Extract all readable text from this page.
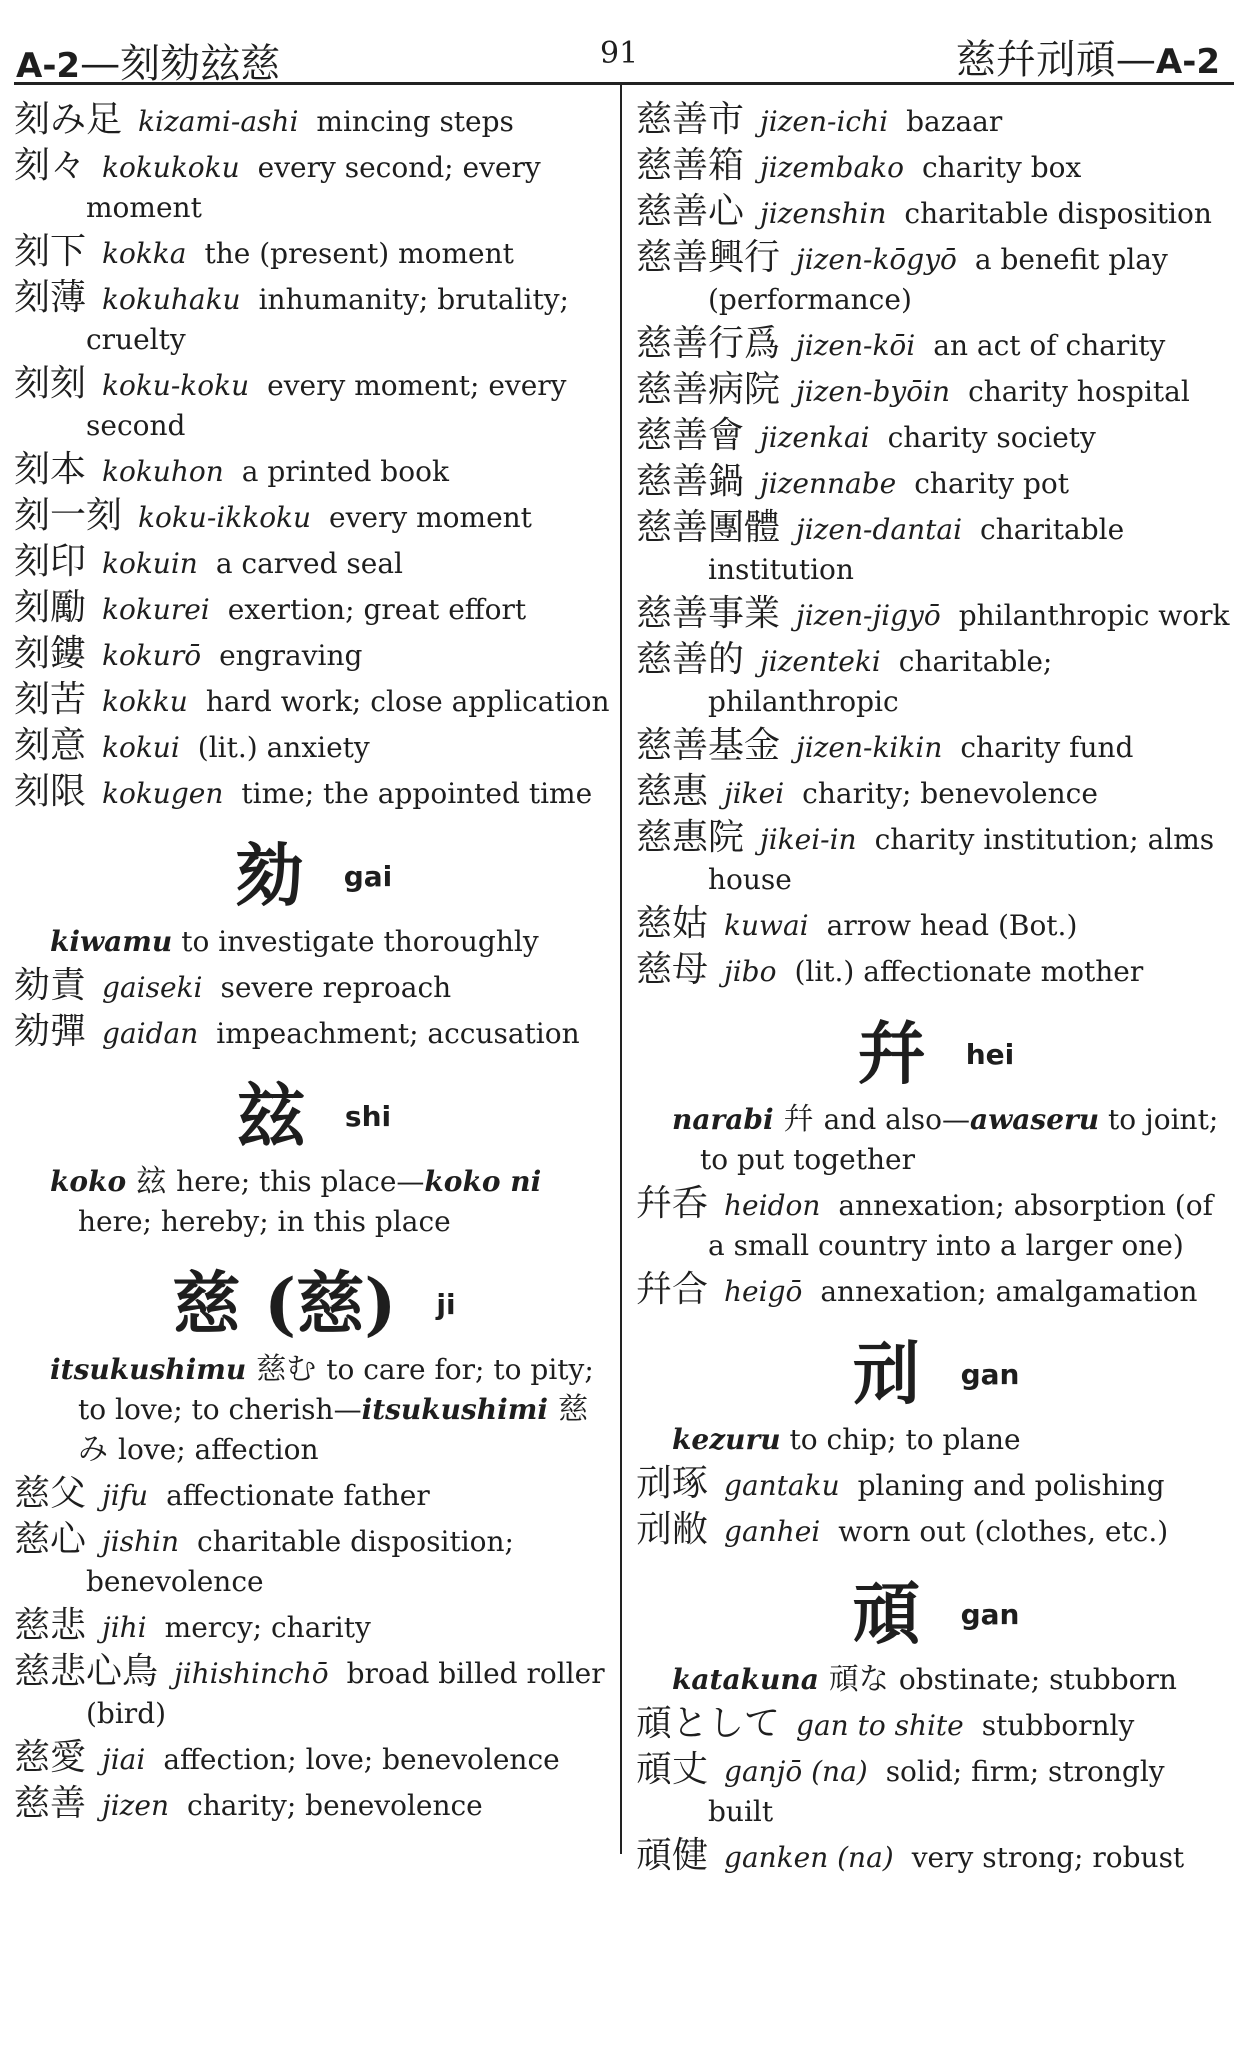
A-2—刻劾玆慈	91	慈幷刓頑—A-2
刻み足 kizami-ashi mincing steps
刻々 kokukoku every second; every moment
刻下 kokka the (present) moment
刻薄 kokuhaku inhumanity; brutality; cruelty
刻刻 koku-koku every moment; every second
刻本 kokuhon a printed book
刻一刻 koku-ikkoku every moment
刻印 kokuin a carved seal
刻勵 kokurei exertion; great effort
刻鏤 kokurō engraving
刻苦 kokku hard work; close application
刻意 kokui (lit.) anxiety
刻限 kokugen time; the appointed time
劾 gai
kiwamu to investigate thoroughly
劾責 gaiseki severe reproach
劾彈 gaidan impeachment; accusation
玆 shi
koko 玆 here; this place—koko ni here; hereby; in this place
慈 (慈) ji
itsukushimu 慈む to care for; to pity; to love; to cherish—itsukushimi 慈み love; affection
慈父 jifu affectionate father
慈心 jishin charitable disposition; benevolence
慈悲 jihi mercy; charity
慈悲心鳥 jihishinchō broad billed roller (bird)
慈愛 jiai affection; love; benevolence
慈善 jizen charity; benevolence
慈善市 jizen-ichi bazaar
慈善箱 jizembako charity box
慈善心 jizenshin charitable disposition
慈善興行 jizen-kōgyō a benefit play (performance)
慈善行爲 jizen-kōi an act of charity
慈善病院 jizen-byōin charity hospital
慈善會 jizenkai charity society
慈善鍋 jizennabe charity pot
慈善團體 jizen-dantai charitable institution
慈善事業 jizen-jigyō philanthropic work
慈善的 jizenteki charitable; philanthropic
慈善基金 jizen-kikin charity fund
慈惠 jikei charity; benevolence
慈惠院 jikei-in charity institution; alms house
慈姑 kuwai arrow head (Bot.)
慈母 jibo (lit.) affectionate mother
幷 hei
narabi 幷 and also—awaseru to joint; to put together
幷呑 heidon annexation; absorption (of a small country into a larger one)
幷合 heigō annexation; amalgamation
刓 gan
kezuru to chip; to plane
刓琢 gantaku planing and polishing
刓敝 ganhei worn out (clothes, etc.)
頑 gan
katakuna 頑な obstinate; stubborn
頑として gan to shite stubbornly
頑丈 ganjō (na) solid; firm; strongly built
頑健 ganken (na) very strong; robust
